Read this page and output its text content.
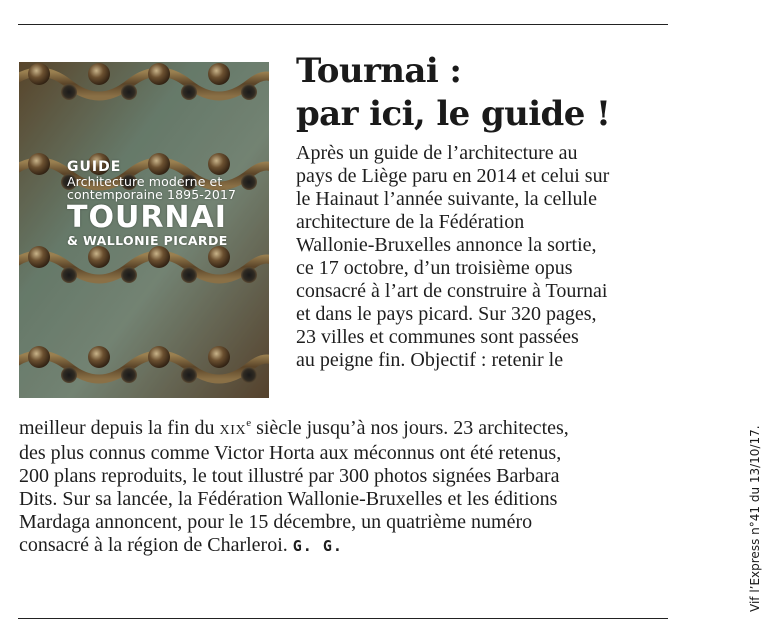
GUIDE
Architecture moderne et
contemporaine 1895-2017
TOURNAI
& WALLONIE PICARDE
Tournai :
par ici, le guide !
Après un guide de l’architecture au
pays de Liège paru en 2014 et celui sur
le Hainaut l’année suivante, la cellule
architecture de la Fédération
Wallonie-Bruxelles annonce la sortie,
ce 17 octobre, d’un troisième opus
consacré à l’art de construire à Tournai
et dans le pays picard. Sur 320 pages,
23 villes et communes sont passées
au peigne fin. Objectif : retenir le
meilleur depuis la fin du XIXe siècle jusqu’à nos jours. 23 architectes,
des plus connus comme Victor Horta aux méconnus ont été retenus,
200 plans reproduits, le tout illustré par 300 photos signées Barbara
Dits. Sur sa lancée, la Fédération Wallonie-Bruxelles et les éditions
Mardaga annoncent, pour le 15 décembre, un quatrième numéro
consacré à la région de Charleroi. G. G.	Vif l’Express n°41 du 13/10/17.
